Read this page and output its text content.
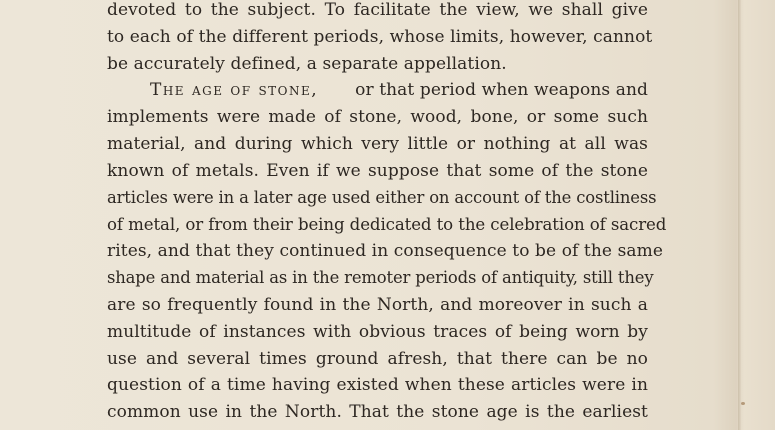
devoted to the subject. To facilitate the view, we shall give
to each of the different periods, whose limits, however, cannot
be accurately defined, a separate appellation.
The age of stone, or that period when weapons and
implements were made of stone, wood, bone, or some such
material, and during which very little or nothing at all was
known of metals. Even if we suppose that some of the stone
articles were in a later age used either on account of the costliness
of metal, or from their being dedicated to the celebration of sacred
rites, and that they continued in consequence to be of the same
shape and material as in the remoter periods of antiquity, still they
are so frequently found in the North, and moreover in such a
multitude of instances with obvious traces of being worn by
use and several times ground afresh, that there can be no
question of a time having existed when these articles were in
common use in the North. That the stone age is the earliest
